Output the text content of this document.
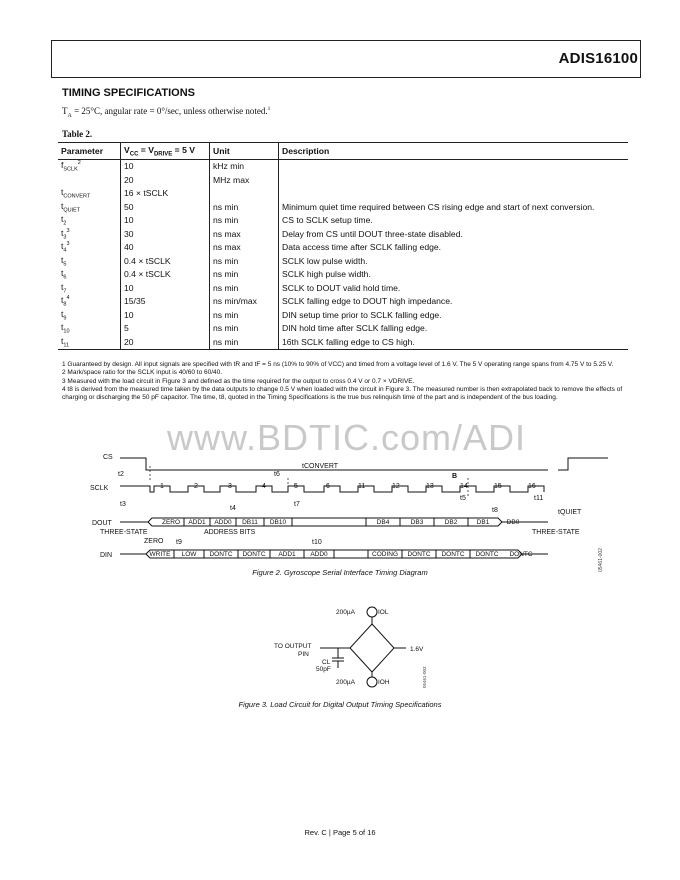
ADIS16100
TIMING SPECIFICATIONS
$T_A = 25^\circ C$, angular rate = 0°/sec, unless otherwise noted.$^1$
Table 2.
Parameter	$V_{CC} = V_{DRIVE} = 5$ V	Unit	Description
$f_{SCLK}^2$	10	kHz min	
	20	MHz max	
$t_{CONVERT}$	16 × tSCLK		
$t_{QUIET}$	50	ns min	Minimum quiet time required between CS rising edge and start of next conversion.
$t_2$	10	ns min	CS to SCLK setup time.
$t_3^3$	30	ns max	Delay from CS until DOUT three-state disabled.
$t_4^3$	40	ns max	Data access time after SCLK falling edge.
$t_5$	0.4 × tSCLK	ns min	SCLK low pulse width.
$t_6$	0.4 × tSCLK	ns min	SCLK high pulse width.
$t_7$	10	ns min	SCLK to DOUT valid hold time.
$t_8^4$	15/35	ns min/max	SCLK falling edge to DOUT high impedance.
$t_9$	10	ns min	DIN setup time prior to SCLK falling edge.
$t_{10}$	5	ns min	DIN hold time after SCLK falling edge.
$t_{11}$	20	ns min	16th SCLK falling edge to CS high.
1 Guaranteed by design. All input signals are specified with tR and tF = 5 ns (10% to 90% of VCC) and timed from a voltage level of 1.6 V. The 5 V operating range spans from 4.75 V to 5.25 V.
2 Mark/space ratio for the SCLK input is 40/60 to 60/40.
3 Measured with the load circuit in Figure 3 and defined as the time required for the output to cross 0.4 V or 0.7 × VDRIVE.
4 t8 is derived from the measured time taken by the data outputs to change 0.5 V when loaded with the circuit in Figure 3. The measured number is then extrapolated back to remove the effects of charging or discharging the 50 pF capacitor. The time, t8, quoted in the Timing Specifications is the true bus relinquish time of the part and is independent of the bus loading.
www.BDTIC.com/ADI
CS
SCLK
DOUT
DIN
THREE-STATE	THREE-STATE
ZERO
ADDRESS BITS
B
1	2	3	4	5	6	11	12	13	14	15	16
t2
t3
t4
t5
t6
t7
t8
t9	t10
t11
tCONVERT
tQUIET
ZERO ADD1 ADD0 DB11 DB10	DB4	DB3	DB2	DB1	DB0
WRITE LOW DONTC DONTC ADD1 ADD0	CODING DONTC DONTC DONTC DONTC	05461-002
Figure 2. Gyroscope Serial Interface Timing Diagram
200µA	IOL
TO OUTPUT
PIN
CL
50pF
1.6V
200µA	IOH	05461-003
Figure 3. Load Circuit for Digital Output Timing Specifications
Rev. C | Page 5 of 16
